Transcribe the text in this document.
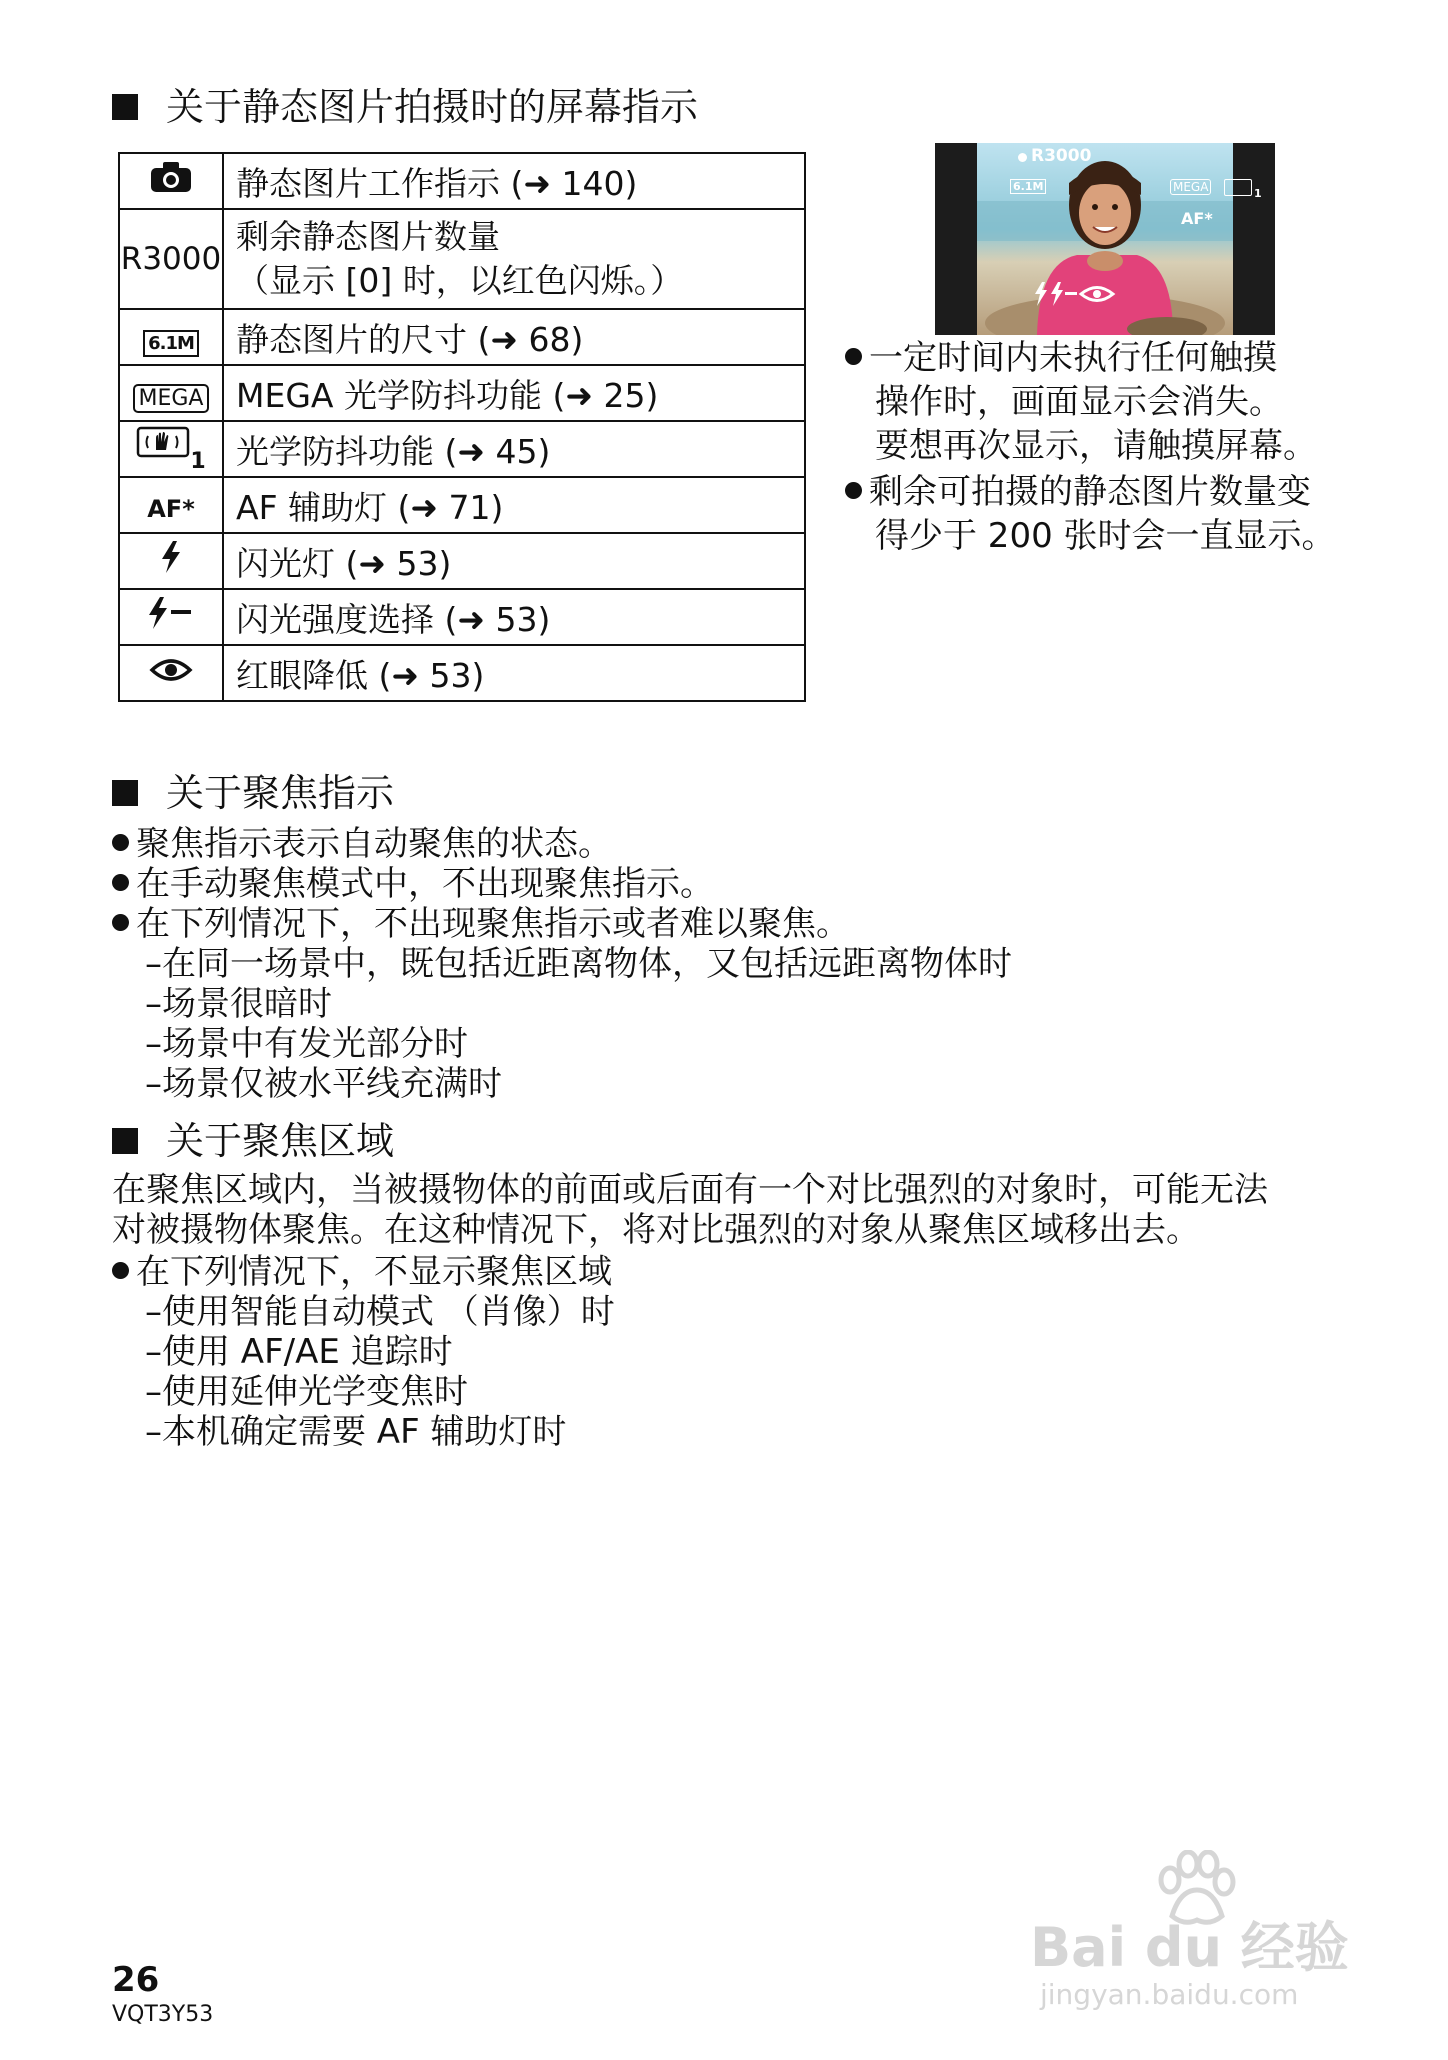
关于静态图片拍摄时的屏幕指示
	静态图片工作指示 (➜ 140)
R3000	剩余静态图片数量
（显示 [0] 时，以红色闪烁。）

6.1M	静态图片的尺寸 (➜ 68)
MEGA	MEGA 光学防抖功能 (➜ 25)
$_1$	光学防抖功能 (➜ 45)
AF*	AF 辅助灯 (➜ 71)
	闪光灯 (➜ 53)
	闪光强度选择 (➜ 53)
	红眼降低 (➜ 53)
R3000
6.1M	MEGA	1
AF*
一定时间内未执行任何触摸
操作时，画面显示会消失。
要想再次显示，请触摸屏幕。
剩余可拍摄的静态图片数量变
得少于 200 张时会一直显示。
关于聚焦指示
聚焦指示表示自动聚焦的状态。
在手动聚焦模式中，不出现聚焦指示。
在下列情况下，不出现聚焦指示或者难以聚焦。
–在同一场景中，既包括近距离物体，又包括远距离物体时
–场景很暗时
–场景中有发光部分时
–场景仅被水平线充满时
关于聚焦区域
在聚焦区域内，当被摄物体的前面或后面有一个对比强烈的对象时，可能无法
对被摄物体聚焦。在这种情况下，将对比强烈的对象从聚焦区域移出去。
在下列情况下，不显示聚焦区域
–使用智能自动模式 （肖像）时
–使用 AF/AE 追踪时
–使用延伸光学变焦时
–本机确定需要 AF 辅助灯时
26
VQT3Y53
Bai du 经验
jingyan.baidu.com
